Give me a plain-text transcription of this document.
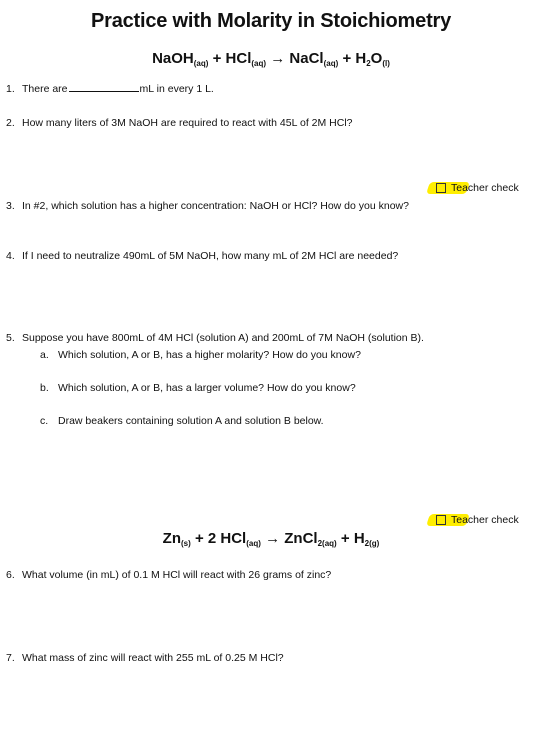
Practice with Molarity in Stoichiometry
NaOH$_{(aq)}$ + HCl$_{(aq)}$ → NaCl$_{(aq)}$ + $H_2O_{(l)}$
1. There are	mL in every 1 L.
2. How many liters of 3M NaOH are required to react with 45L of 2M HCl?
Teacher check
3. In #2, which solution has a higher concentration: NaOH or HCl? How do you know?
4. If I need to neutralize 490mL of 5M NaOH, how many mL of 2M HCl are needed?
5. Suppose you have 800mL of 4M HCl (solution A) and 200mL of 7M NaOH (solution B).
a. Which solution, A or B, has a higher molarity? How do you know?
b. Which solution, A or B, has a larger volume? How do you know?
c. Draw beakers containing solution A and solution B below.
Teacher check
$Zn_{(s)} + 2$ HCl$_{(aq)}$ → ZnCl$_{2(aq)}$ + $H_{2(g)}$
6. What volume (in mL) of 0.1 M HCl will react with 26 grams of zinc?
7. What mass of zinc will react with 255 mL of 0.25 M HCl?
